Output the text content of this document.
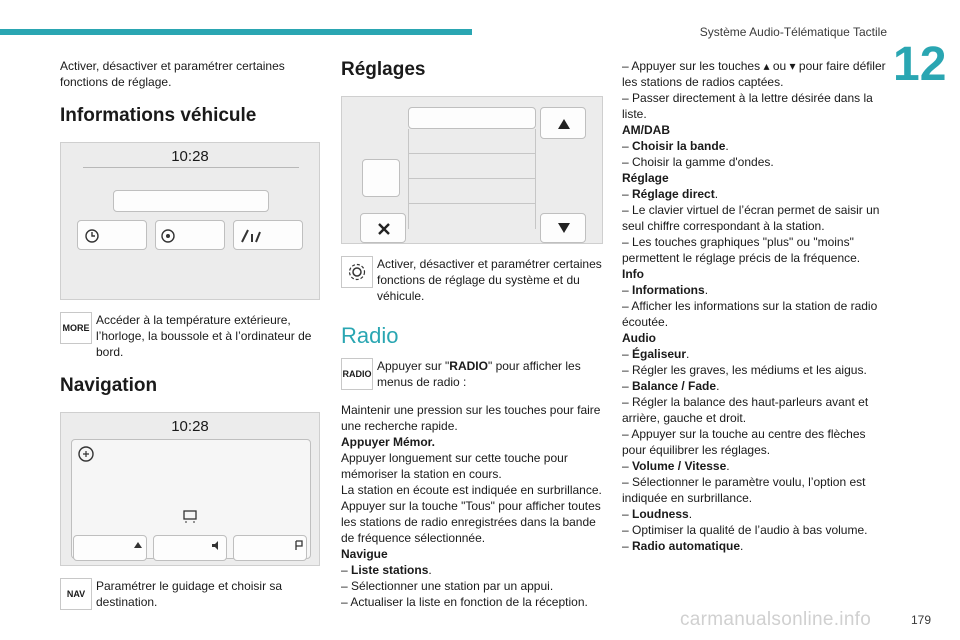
Système Audio-Télématique Tactile
12
carmanualsonline.info	179

Activer, désactiver et paramétrer certaines fonctions de réglage.

Informations véhicule
10:28
MORE

Accéder à la température extérieure, l’horloge, la boussole et à l’ordinateur de bord.

Navigation
10:28
NAV

Paramétrer le guidage et choisir sa destination.

Réglages

Activer, désactiver et paramétrer certaines fonctions de réglage du système et du véhicule.

Radio
RADIO

Appuyer sur "RADIO" pour afficher les menus de radio :

Maintenir une pression sur les touches pour faire une recherche rapide.

Appuyer Mémor.

Appuyer longuement sur cette touche pour mémoriser la station en cours.

La station en écoute est indiquée en surbrillance.

Appuyer sur la touche "Tous" pour afficher toutes les stations de radio enregistrées dans la bande de fréquence sélectionnée.

Navigue

– Liste stations.

– Sélectionner une station par un appui.

– Actualiser la liste en fonction de la réception.

– Appuyer sur les touches ▴ ou ▾ pour faire défiler les stations de radios captées.

– Passer directement à la lettre désirée dans la liste.

AM/DAB

– Choisir la bande.

– Choisir la gamme d'ondes.

Réglage

– Réglage direct.

– Le clavier virtuel de l’écran permet de saisir un seul chiffre correspondant à la station.

– Les touches graphiques "plus" ou "moins" permettent le réglage précis de la fréquence.

Info

– Informations.

– Afficher les informations sur la station de radio écoutée.

Audio

– Égaliseur.

– Régler les graves, les médiums et les aigus.

– Balance / Fade.

– Régler la balance des haut-parleurs avant et arrière, gauche et droit.

– Appuyer sur la touche au centre des flèches pour équilibrer les réglages.

– Volume / Vitesse.

– Sélectionner le paramètre voulu, l’option est indiquée en surbrillance.

– Loudness.

– Optimiser la qualité de l’audio à bas volume.

– Radio automatique.
